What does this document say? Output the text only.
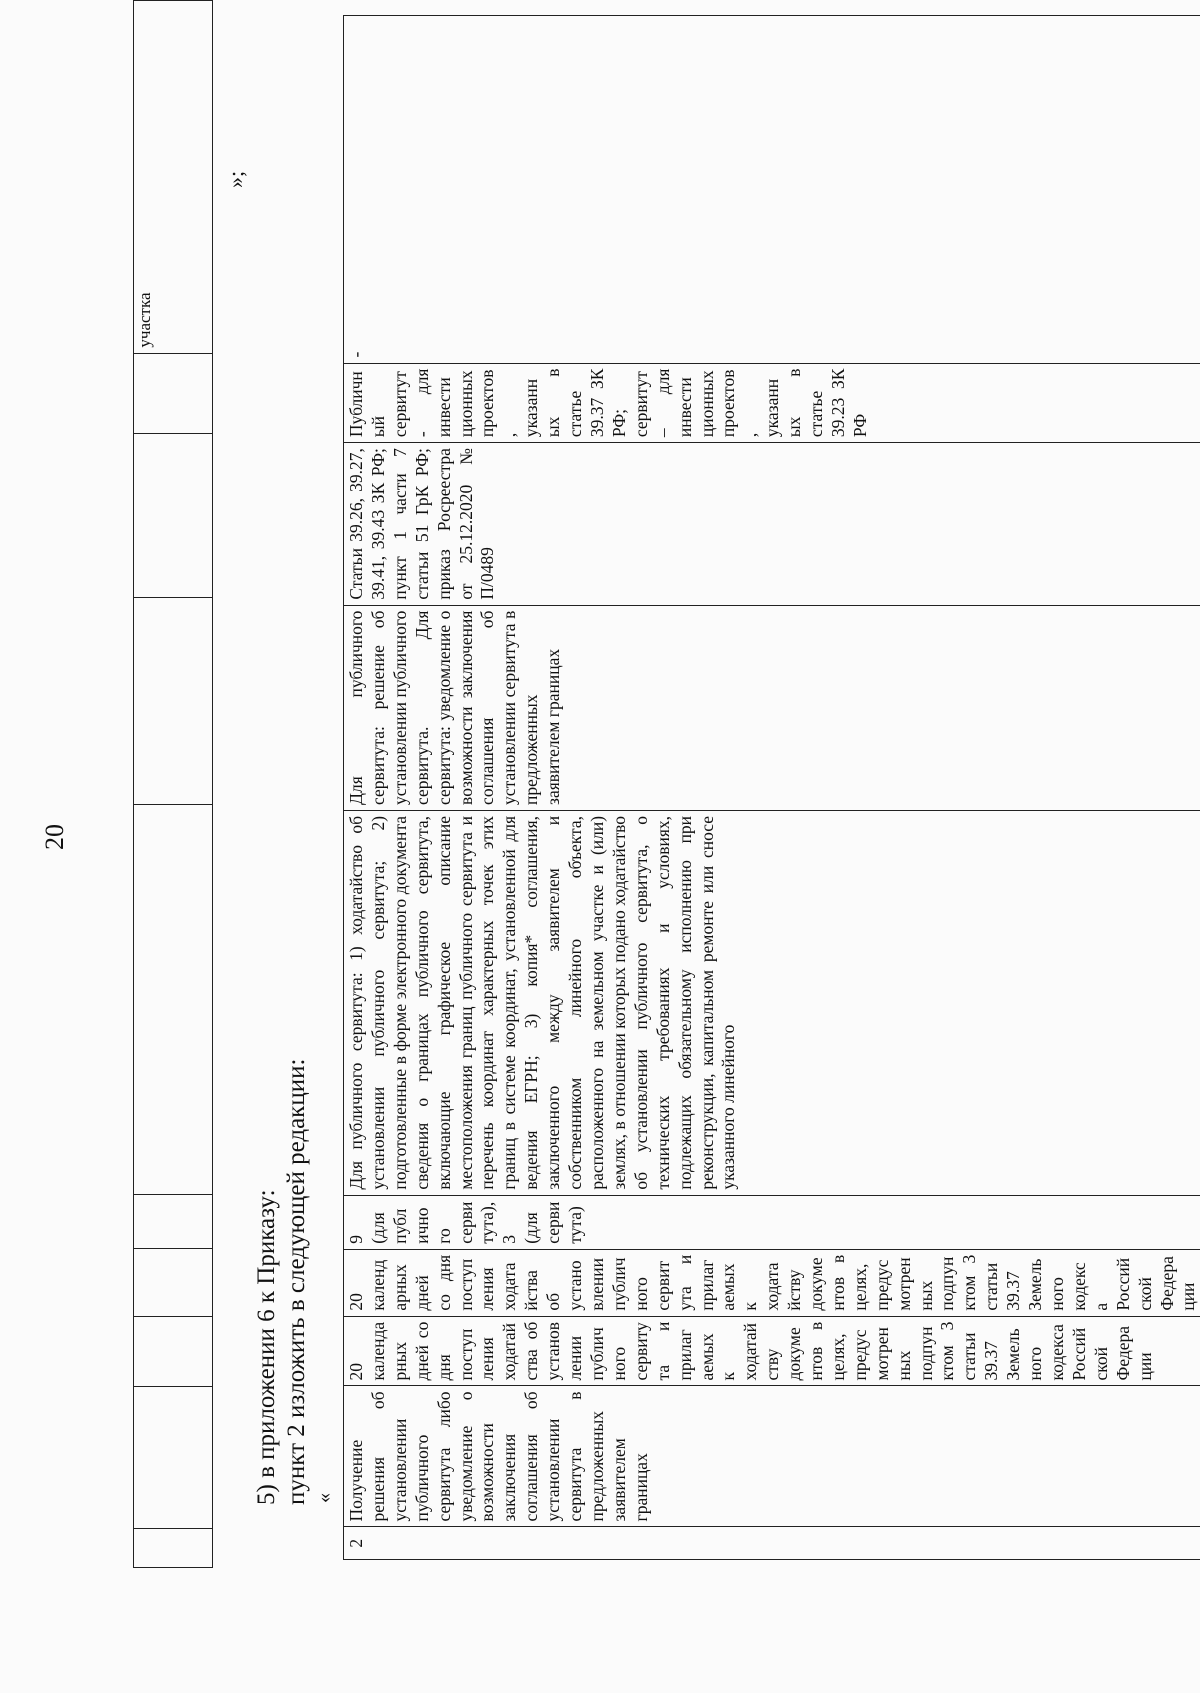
20
									участка
»;
5) в приложении 6 к Приказу: пункт 2 изложить в следующей редакции: «
2	Получение решения об установлении публичного сервитута либо уведомление о возможности заключения соглашения об установлении сервитута в предложенных заявителем границах	20 календарных дней со дня поступления ходатайства об установлении публичного сервитута и прилагаемых к ходатайству документов в целях, предусмотренных подпунктом 3 статьи 39.37 Земельного кодекса Российской Федерации	20 календарных дней со дня поступления ходатайства об установлении публичного сервитута и прилагаемых к ходатайству документов в целях, предусмотренных подпунктом 3 статьи 39.37 Земельного кодекса Российской Федерации	9 (для публичного сервитута), 3 (для сервитута)	Для публичного сервитута: 1) ходатайство об установлении публичного сервитута; 2) подготовленные в форме электронного документа сведения о границах публичного сервитута, включающие графическое описание местоположения границ публичного сервитута и перечень координат характерных точек этих границ в системе координат, установленной для ведения ЕГРН; 3) копия* соглашения, заключенного между заявителем и собственником линейного объекта, расположенного на земельном участке и (или) землях, в отношении которых подано ходатайство об установлении публичного сервитута, о технических требованиях и условиях, подлежащих обязательному исполнению при реконструкции, капитальном ремонте или сносе указанного линейного	Для публичного сервитута: решение об установлении публичного сервитута. Для сервитута: уведомление о возможности заключения соглашения об установлении сервитута в предложенных заявителем границах	Статьи 39.26, 39.27, 39.41, 39.43 ЗК РФ; пункт 1 части 7 статьи 51 ГрК РФ; приказ Росреестра от 25.12.2020 № П/0489	Публичный сервитут - для инвестиционных проектов, указанных в статье 39.37 ЗК РФ; сервитут – для инвестиционных проектов, указанных в статье 39.23 ЗК РФ	-
